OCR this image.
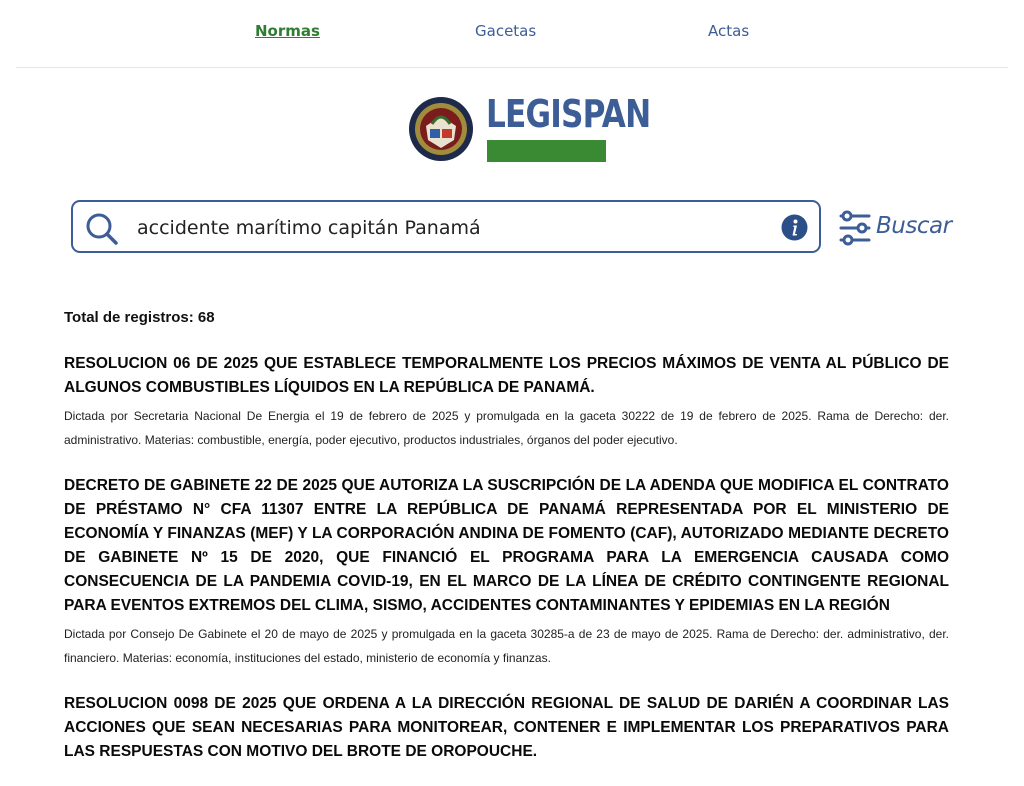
Normas	Gacetas	Actas
LEGISPAN
accidente marítimo capitán Panamá
Buscar
Total de registros: 68

RESOLUCION 06 DE 2025 QUE ESTABLECE TEMPORALMENTE LOS PRECIOS MÁXIMOS DE VENTA AL PÚBLICO DE ALGUNOS COMBUSTIBLES LÍQUIDOS EN LA REPÚBLICA DE PANAMÁ.

Dictada por Secretaria Nacional De Energia el 19 de febrero de 2025 y promulgada en la gaceta 30222 de 19 de febrero de 2025. Rama de Derecho: der. administrativo. Materias: combustible, energía, poder ejecutivo, productos industriales, órganos del poder ejecutivo.

DECRETO DE GABINETE 22 DE 2025 QUE AUTORIZA LA SUSCRIPCIÓN DE LA ADENDA QUE MODIFICA EL CONTRATO DE PRÉSTAMO N° CFA 11307 ENTRE LA REPÚBLICA DE PANAMÁ REPRESENTADA POR EL MINISTERIO DE ECONOMÍA Y FINANZAS (MEF) Y LA CORPORACIÓN ANDINA DE FOMENTO (CAF), AUTORIZADO MEDIANTE DECRETO DE GABINETE Nº 15 DE 2020, QUE FINANCIÓ EL PROGRAMA PARA LA EMERGENCIA CAUSADA COMO CONSECUENCIA DE LA PANDEMIA COVID-19, EN EL MARCO DE LA LÍNEA DE CRÉDITO CONTINGENTE REGIONAL PARA EVENTOS EXTREMOS DEL CLIMA, SISMO, ACCIDENTES CONTAMINANTES Y EPIDEMIAS EN LA REGIÓN

Dictada por Consejo De Gabinete el 20 de mayo de 2025 y promulgada en la gaceta 30285-a de 23 de mayo de 2025. Rama de Derecho: der. administrativo, der. financiero. Materias: economía, instituciones del estado, ministerio de economía y finanzas.

RESOLUCION 0098 DE 2025 QUE ORDENA A LA DIRECCIÓN REGIONAL DE SALUD DE DARIÉN A COORDINAR LAS ACCIONES QUE SEAN NECESARIAS PARA MONITOREAR, CONTENER E IMPLEMENTAR LOS PREPARATIVOS PARA LAS RESPUESTAS CON MOTIVO DEL BROTE DE OROPOUCHE.
